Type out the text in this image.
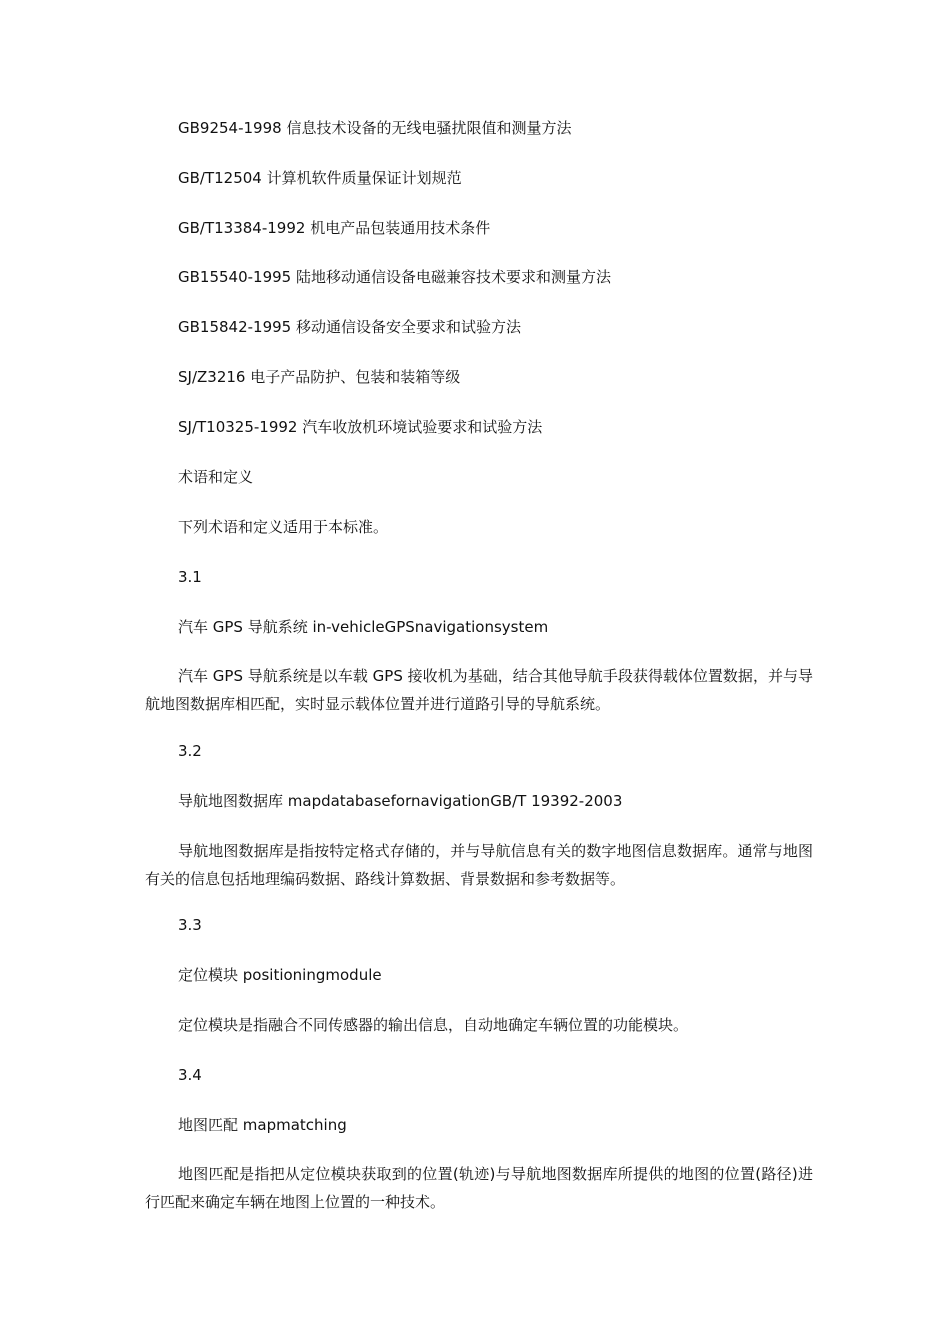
GB9254-1998 信息技术设备的无线电骚扰限值和测量方法
GB/T12504 计算机软件质量保证计划规范
GB/T13384-1992 机电产品包装通用技术条件
GB15540-1995 陆地移动通信设备电磁兼容技术要求和测量方法
GB15842-1995 移动通信设备安全要求和试验方法
SJ/Z3216 电子产品防护、包装和装箱等级
SJ/T10325-1992 汽车收放机环境试验要求和试验方法
术语和定义
下列术语和定义适用于本标准。
3.1
汽车 GPS 导航系统 in-vehicleGPSnavigationsystem
汽车 GPS 导航系统是以车载 GPS 接收机为基础，结合其他导航手段获得载体位置数据，并与导航地图数据库相匹配，实时显示载体位置并进行道路引导的导航系统。
3.2
导航地图数据库 mapdatabasefornavigationGB/T 19392-2003
导航地图数据库是指按特定格式存储的，并与导航信息有关的数字地图信息数据库。通常与地图有关的信息包括地理编码数据、路线计算数据、背景数据和参考数据等。
3.3
定位模块 positioningmodule
定位模块是指融合不同传感器的输出信息，自动地确定车辆位置的功能模块。
3.4
地图匹配 mapmatching
地图匹配是指把从定位模块获取到的位置(轨迹)与导航地图数据库所提供的地图的位置(路径)进行匹配来确定车辆在地图上位置的一种技术。
